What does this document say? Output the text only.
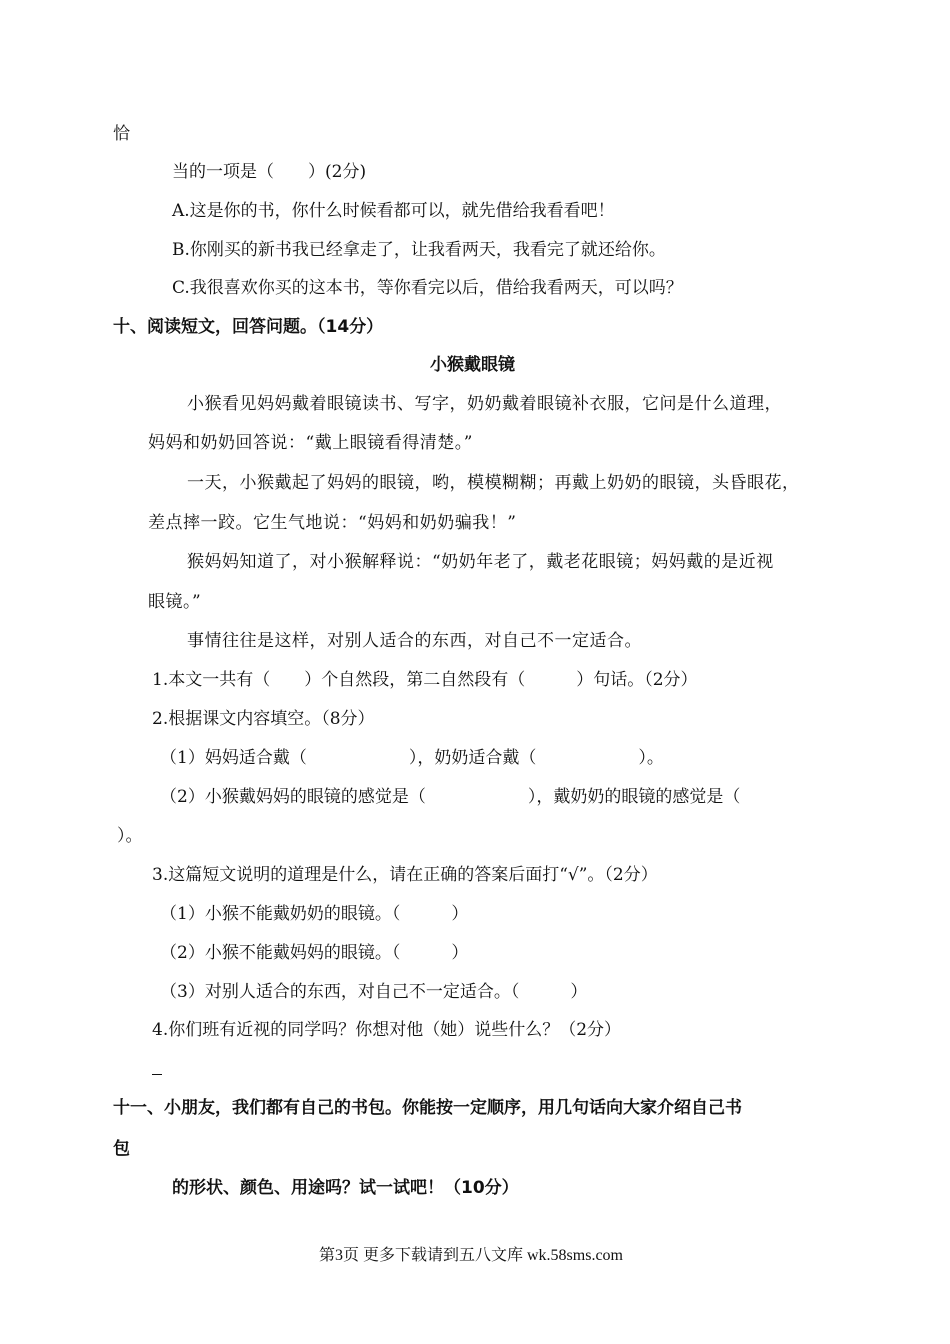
恰
当的一项是（　　）(2分)
A.这是你的书，你什么时候看都可以，就先借给我看看吧！
B.你刚买的新书我已经拿走了，让我看两天，我看完了就还给你。
C.我很喜欢你买的这本书，等你看完以后，借给我看两天，可以吗？
十、阅读短文，回答问题。（14分）
小猴戴眼镜
小猴看见妈妈戴着眼镜读书、写字，奶奶戴着眼镜补衣服，它问是什么道理，
妈妈和奶奶回答说：“戴上眼镜看得清楚。”
一天，小猴戴起了妈妈的眼镜，哟，模模糊糊；再戴上奶奶的眼镜，头昏眼花，
差点摔一跤。它生气地说：“妈妈和奶奶骗我！”
猴妈妈知道了，对小猴解释说：“奶奶年老了，戴老花眼镜；妈妈戴的是近视
眼镜。”
事情往往是这样，对别人适合的东西，对自己不一定适合。
1.本文一共有（　　）个自然段，第二自然段有（　　　）句话。（2分）
2.根据课文内容填空。（8分）
（1）妈妈适合戴（　　　　　　），奶奶适合戴（　　　　　　）。
（2）小猴戴妈妈的眼镜的感觉是（　　　　　　），戴奶奶的眼镜的感觉是（
）。
3.这篇短文说明的道理是什么，请在正确的答案后面打“√”。（2分）
（1）小猴不能戴奶奶的眼镜。（　　　）
（2）小猴不能戴妈妈的眼镜。（　　　）
（3）对别人适合的东西，对自己不一定适合。（　　　）
4.你们班有近视的同学吗？你想对他（她）说些什么？（2分）
十一、小朋友，我们都有自己的书包。你能按一定顺序，用几句话向大家介绍自己书
包
的形状、颜色、用途吗？试一试吧！（10分）
第3页 更多下载请到五八文库 wk.58sms.com
